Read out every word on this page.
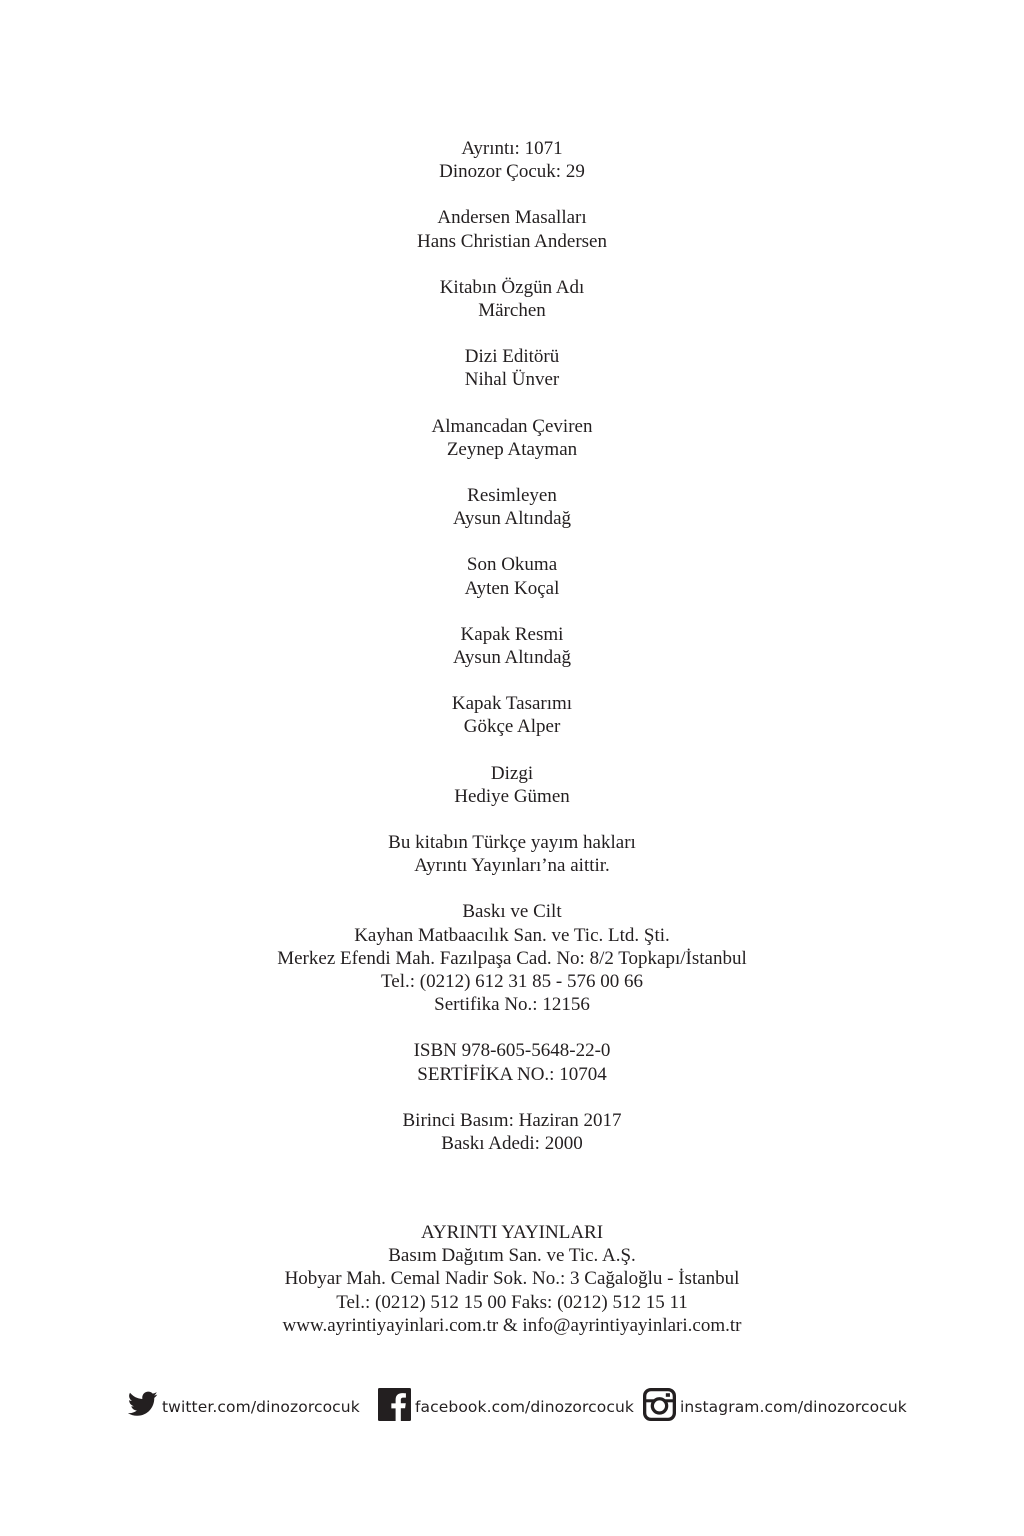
Ayrıntı: 1071
Dinozor Çocuk: 29
Andersen Masalları
Hans Christian Andersen
Kitabın Özgün Adı
Märchen
Dizi Editörü
Nihal Ünver
Almancadan Çeviren
Zeynep Atayman
Resimleyen
Aysun Altındağ
Son Okuma
Ayten Koçal
Kapak Resmi
Aysun Altındağ
Kapak Tasarımı
Gökçe Alper
Dizgi
Hediye Gümen
Bu kitabın Türkçe yayım hakları
Ayrıntı Yayınları’na aittir.
Baskı ve Cilt
Kayhan Matbaacılık San. ve Tic. Ltd. Şti.
Merkez Efendi Mah. Fazılpaşa Cad. No: 8/2 Topkapı/İstanbul
Tel.: (0212) 612 31 85 - 576 00 66
Sertifika No.: 12156
ISBN 978-605-5648-22-0
SERTİFİKA NO.: 10704
Birinci Basım: Haziran 2017
Baskı Adedi: 2000
AYRINTI YAYINLARI
Basım Dağıtım San. ve Tic. A.Ş.
Hobyar Mah. Cemal Nadir Sok. No.: 3 Cağaloğlu - İstanbul
Tel.: (0212) 512 15 00 Faks: (0212) 512 15 11
www.ayrintiyayinlari.com.tr & info@ayrintiyayinlari.com.tr
twitter.com/dinozorcocuk	facebook.com/dinozorcocuk	instagram.com/dinozorcocuk
